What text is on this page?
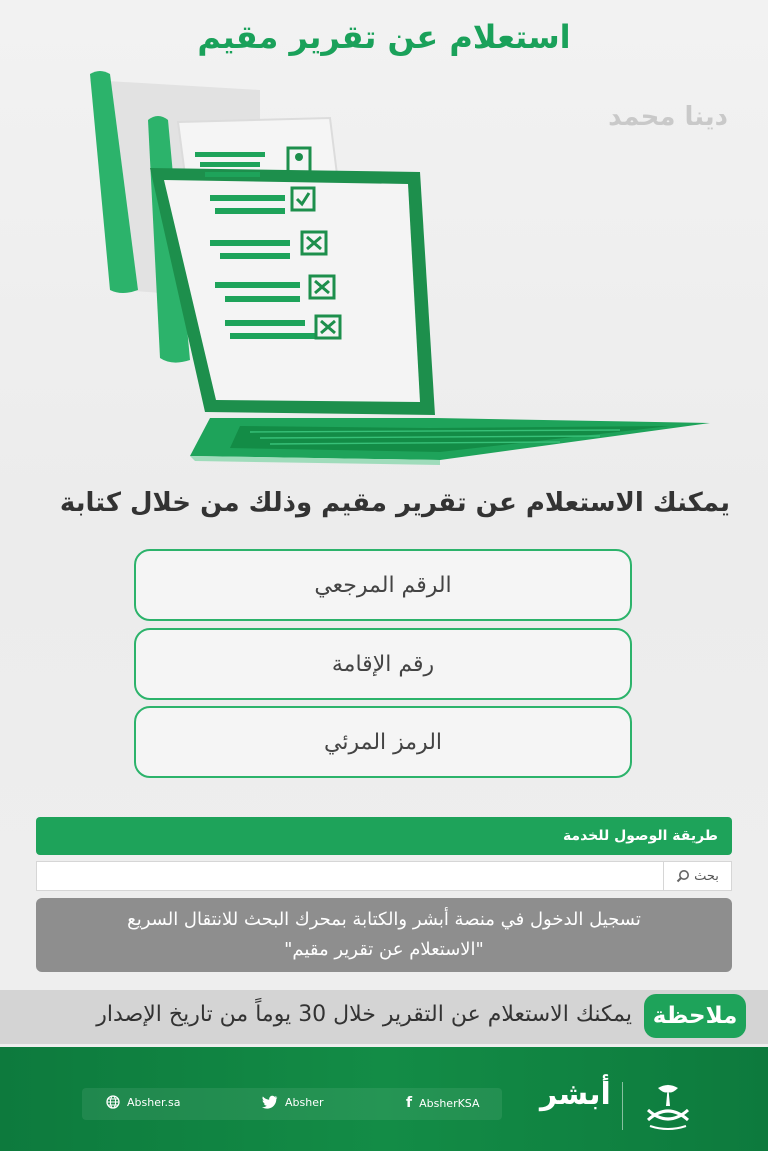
استعلام عن تقرير مقيم
دينا محمد
يمكنك الاستعلام عن تقرير مقيم وذلك من خلال كتابة
الرقم المرجعي
رقم الإقامة
الرمز المرئي
طريقة الوصول للخدمة
بحث
تسجيل الدخول في منصة أبشر والكتابة بمحرك البحث للانتقال السريع
"الاستعلام عن تقرير مقيم"
ملاحظة
يمكنك الاستعلام عن التقرير خلال 30 يوماً من تاريخ الإصدار
Absher.sa	Absher	f AbsherKSA أبشر
